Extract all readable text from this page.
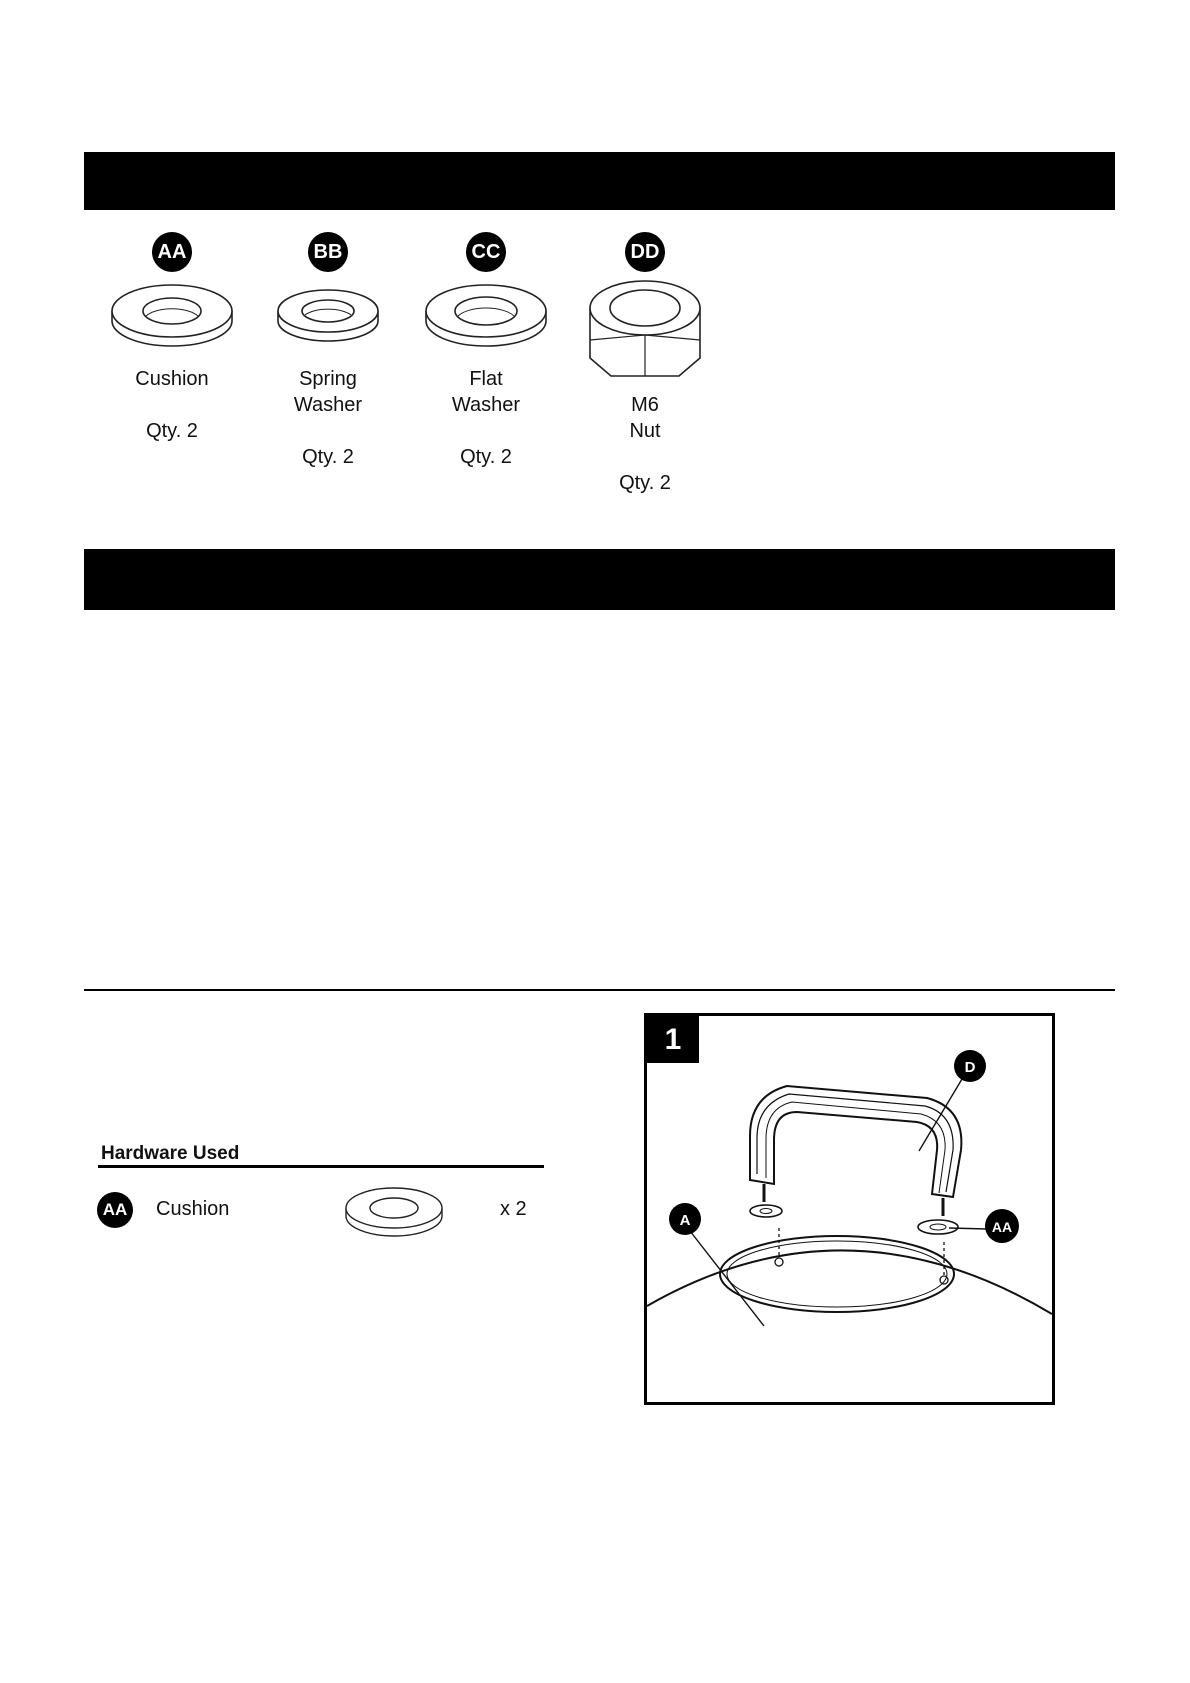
AA
Cushion
Qty. 2
BB
Spring
Washer
Qty. 2
CC
Flat
Washer
Qty. 2
DD
M6
Nut
Qty. 2
Hardware Used
AA Cushion	x 2
D
A	AA
1
